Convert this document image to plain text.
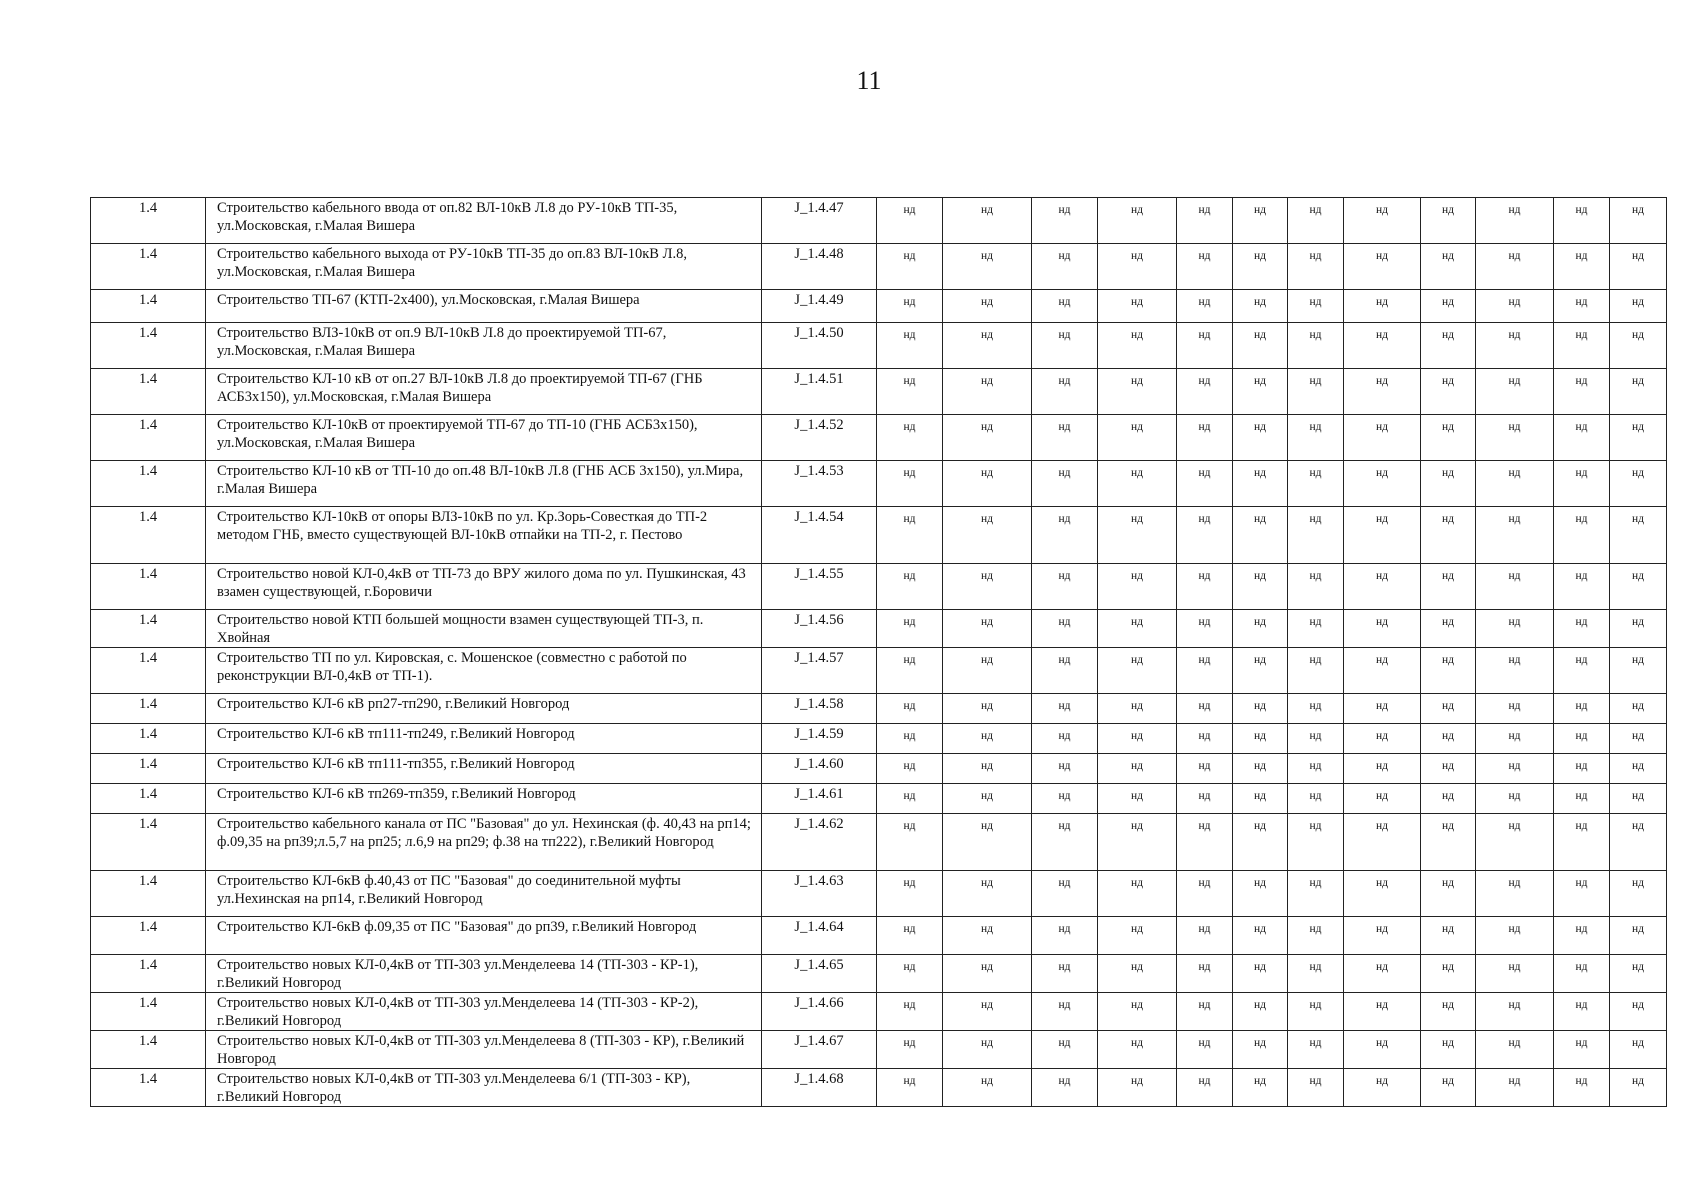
11
1.4	Строительство кабельного ввода от оп.82 ВЛ-10кВ Л.8 до РУ-10кВ ТП-35, ул.Московская, г.Малая Вишера	J_1.4.47	нд	нд	нд	нд	нд	нд	нд	нд	нд	нд	нд	нд
1.4	Строительство кабельного выхода от РУ-10кВ ТП-35 до оп.83 ВЛ-10кВ Л.8, ул.Московская, г.Малая Вишера	J_1.4.48	нд	нд	нд	нд	нд	нд	нд	нд	нд	нд	нд	нд
1.4	Строительство ТП-67 (КТП-2х400), ул.Московская, г.Малая Вишера	J_1.4.49	нд	нд	нд	нд	нд	нд	нд	нд	нд	нд	нд	нд
1.4	Строительство ВЛЗ-10кВ от оп.9 ВЛ-10кВ Л.8 до проектируемой ТП-67, ул.Московская, г.Малая Вишера	J_1.4.50	нд	нд	нд	нд	нд	нд	нд	нд	нд	нд	нд	нд
1.4	Строительство КЛ-10 кВ от оп.27 ВЛ-10кВ Л.8 до проектируемой ТП-67 (ГНБ АСБ3х150), ул.Московская, г.Малая Вишера	J_1.4.51	нд	нд	нд	нд	нд	нд	нд	нд	нд	нд	нд	нд
1.4	Строительство КЛ-10кВ от проектируемой ТП-67 до ТП-10 (ГНБ АСБ3х150), ул.Московская, г.Малая Вишера	J_1.4.52	нд	нд	нд	нд	нд	нд	нд	нд	нд	нд	нд	нд
1.4	Строительство КЛ-10 кВ от ТП-10 до оп.48 ВЛ-10кВ Л.8 (ГНБ АСБ 3х150), ул.Мира, г.Малая Вишера	J_1.4.53	нд	нд	нд	нд	нд	нд	нд	нд	нд	нд	нд	нд
1.4	Строительство КЛ-10кВ от опоры ВЛЗ-10кВ по ул. Кр.Зорь-Совесткая до ТП-2 методом ГНБ, вместо существующей ВЛ-10кВ отпайки на ТП-2, г. Пестово	J_1.4.54	нд	нд	нд	нд	нд	нд	нд	нд	нд	нд	нд	нд
1.4	Строительство новой КЛ-0,4кВ от ТП-73 до ВРУ жилого дома по ул. Пушкинская, 43 взамен существующей, г.Боровичи	J_1.4.55	нд	нд	нд	нд	нд	нд	нд	нд	нд	нд	нд	нд
1.4	Строительство новой КТП большей мощности взамен существующей ТП-3, п. Хвойная	J_1.4.56	нд	нд	нд	нд	нд	нд	нд	нд	нд	нд	нд	нд
1.4	Строительство ТП по ул. Кировская, с. Мошенское (совместно с работой по реконструкции ВЛ-0,4кВ от ТП-1).	J_1.4.57	нд	нд	нд	нд	нд	нд	нд	нд	нд	нд	нд	нд
1.4	Строительство КЛ-6 кВ рп27-тп290, г.Великий Новгород	J_1.4.58	нд	нд	нд	нд	нд	нд	нд	нд	нд	нд	нд	нд
1.4	Строительство КЛ-6 кВ тп111-тп249, г.Великий Новгород	J_1.4.59	нд	нд	нд	нд	нд	нд	нд	нд	нд	нд	нд	нд
1.4	Строительство КЛ-6 кВ тп111-тп355, г.Великий Новгород	J_1.4.60	нд	нд	нд	нд	нд	нд	нд	нд	нд	нд	нд	нд
1.4	Строительство КЛ-6 кВ тп269-тп359, г.Великий Новгород	J_1.4.61	нд	нд	нд	нд	нд	нд	нд	нд	нд	нд	нд	нд
1.4	Строительство кабельного канала от ПС "Базовая" до ул. Нехинская (ф. 40,43 на рп14; ф.09,35 на рп39;л.5,7 на рп25; л.6,9 на рп29; ф.38 на тп222), г.Великий Новгород	J_1.4.62	нд	нд	нд	нд	нд	нд	нд	нд	нд	нд	нд	нд
1.4	Строительство КЛ-6кВ ф.40,43 от ПС "Базовая" до соединительной муфты ул.Нехинская на рп14, г.Великий Новгород	J_1.4.63	нд	нд	нд	нд	нд	нд	нд	нд	нд	нд	нд	нд
1.4	Строительство КЛ-6кВ ф.09,35 от ПС "Базовая" до рп39, г.Великий Новгород	J_1.4.64	нд	нд	нд	нд	нд	нд	нд	нд	нд	нд	нд	нд
1.4	Строительство новых КЛ-0,4кВ от ТП-303 ул.Менделеева 14 (ТП-303 - КР-1), г.Великий Новгород	J_1.4.65	нд	нд	нд	нд	нд	нд	нд	нд	нд	нд	нд	нд
1.4	Строительство новых КЛ-0,4кВ от ТП-303 ул.Менделеева 14 (ТП-303 - КР-2), г.Великий Новгород	J_1.4.66	нд	нд	нд	нд	нд	нд	нд	нд	нд	нд	нд	нд
1.4	Строительство новых КЛ-0,4кВ от ТП-303 ул.Менделеева 8 (ТП-303 - КР), г.Великий Новгород	J_1.4.67	нд	нд	нд	нд	нд	нд	нд	нд	нд	нд	нд	нд
1.4	Строительство новых КЛ-0,4кВ от ТП-303 ул.Менделеева 6/1 (ТП-303 - КР), г.Великий Новгород	J_1.4.68	нд	нд	нд	нд	нд	нд	нд	нд	нд	нд	нд	нд
